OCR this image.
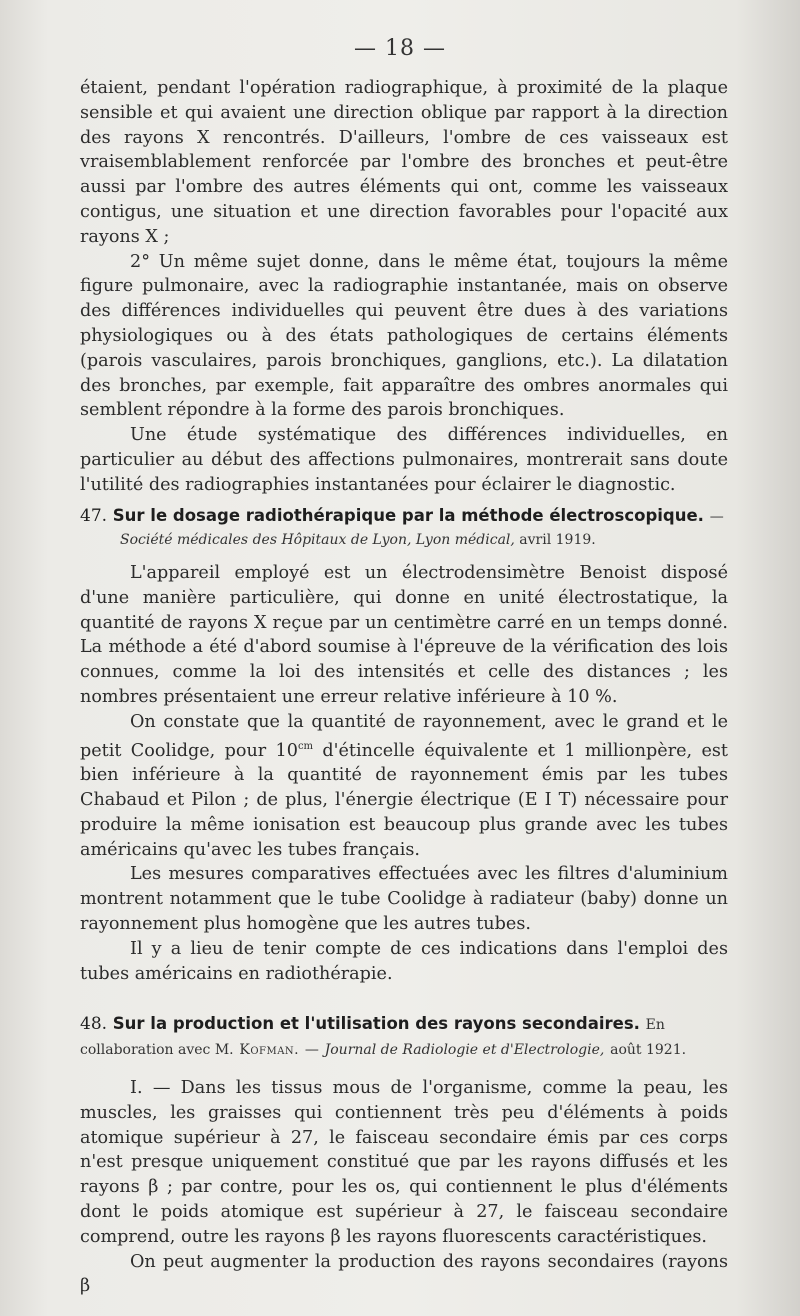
— 18 —

étaient, pendant l'opération radiographique, à proximité de la plaque sensible et qui avaient une direction oblique par rapport à la direction des rayons X rencontrés. D'ailleurs, l'ombre de ces vaisseaux est vraisemblablement renforcée par l'ombre des bronches et peut-être aussi par l'ombre des autres éléments qui ont, comme les vaisseaux contigus, une situation et une direction favorables pour l'opacité aux rayons X ;

2° Un même sujet donne, dans le même état, toujours la même figure pulmonaire, avec la radiographie instantanée, mais on observe des différences individuelles qui peuvent être dues à des variations physiologiques ou à des états pathologiques de certains éléments (parois vasculaires, parois bronchiques, ganglions, etc.). La dilatation des bronches, par exemple, fait apparaître des ombres anormales qui semblent répondre à la forme des parois bronchiques.

Une étude systématique des différences individuelles, en particulier au début des affections pulmonaires, montrerait sans doute l'utilité des radiographies instantanées pour éclairer le diagnostic.

47. Sur le dosage radiothérapique par la méthode électroscopique. —

Société médicales des Hôpitaux de Lyon, Lyon médical, avril 1919.

L'appareil employé est un électrodensimètre Benoist disposé d'une manière particulière, qui donne en unité électrostatique, la quantité de rayons X reçue par un centimètre carré en un temps donné. La méthode a été d'abord soumise à l'épreuve de la vérification des lois connues, comme la loi des intensités et celle des distances ; les nombres présentaient une erreur relative inférieure à 10 %.

On constate que la quantité de rayonnement, avec le grand et le petit Coolidge, pour $10^{cm}$ d'étincelle équivalente et 1 millionpère, est bien inférieure à la quantité de rayonnement émis par les tubes Chabaud et Pilon ; de plus, l'énergie électrique (E I T) nécessaire pour produire la même ionisation est beaucoup plus grande avec les tubes américains qu'avec les tubes français.

Les mesures comparatives effectuées avec les filtres d'aluminium montrent notamment que le tube Coolidge à radiateur (baby) donne un rayonnement plus homogène que les autres tubes.

Il y a lieu de tenir compte de ces indications dans l'emploi des tubes américains en radiothérapie.

48. Sur la production et l'utilisation des rayons secondaires. En collaboration avec M. Kofman. — Journal de Radiologie et d'Electrologie, août 1921.

I. — Dans les tissus mous de l'organisme, comme la peau, les muscles, les graisses qui contiennent très peu d'éléments à poids atomique supérieur à 27, le faisceau secondaire émis par ces corps n'est presque uniquement constitué que par les rayons diffusés et les rayons β ; par contre, pour les os, qui contiennent le plus d'éléments dont le poids atomique est supérieur à 27, le faisceau secondaire comprend, outre les rayons β les rayons fluorescents caractéristiques.

On peut augmenter la production des rayons secondaires (rayons β
